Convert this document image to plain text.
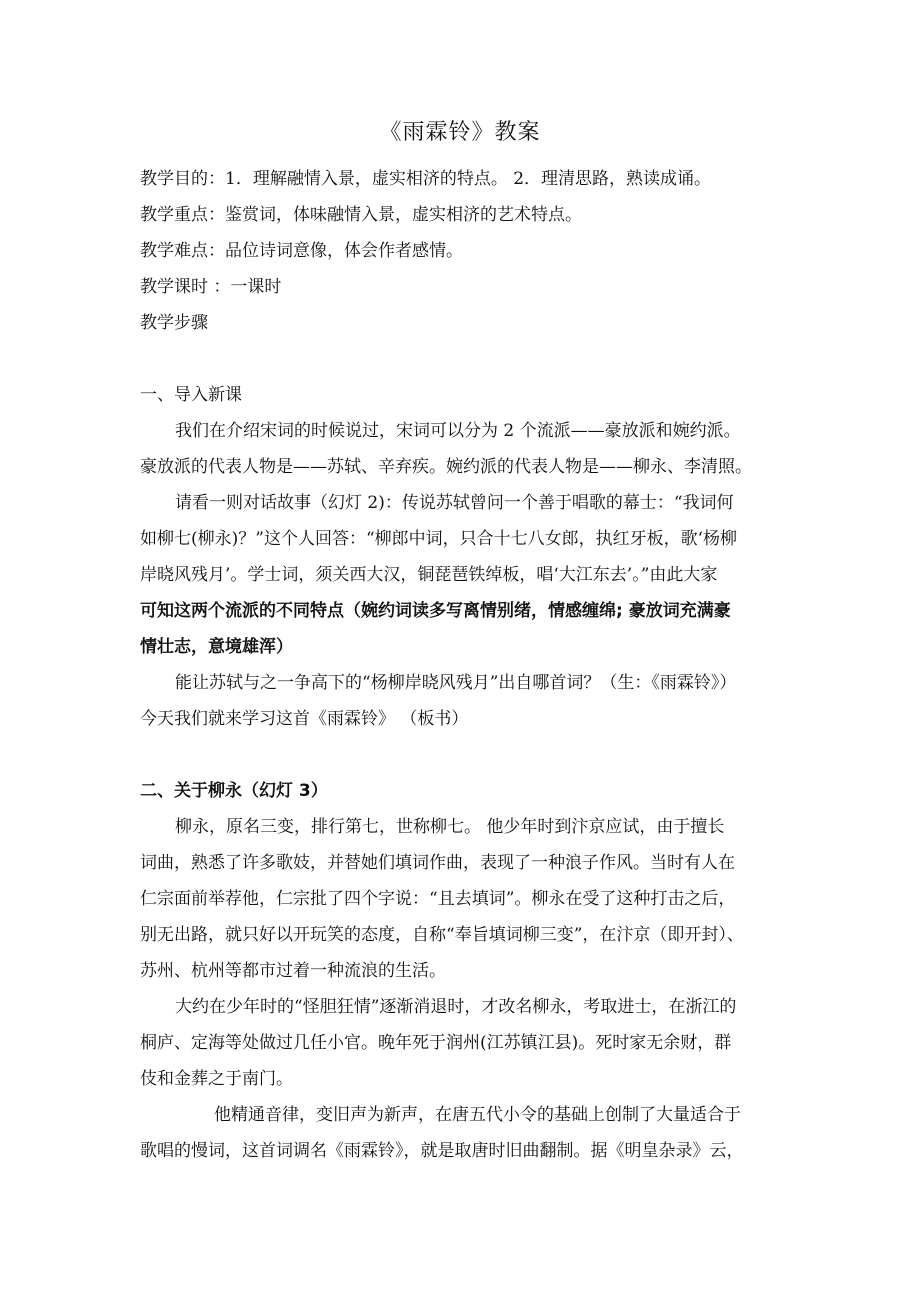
《雨霖铃》教案
教学目的：1．理解融情入景，虚实相济的特点。 2．理清思路，熟读成诵。
教学重点：鉴赏词，体味融情入景，虚实相济的艺术特点。
教学难点：品位诗词意像，体会作者感情。
教学课时 ：一课时
教学步骤
一、导入新课
我们在介绍宋词的时候说过，宋词可以分为 2 个流派——豪放派和婉约派。
豪放派的代表人物是——苏轼、辛弃疾。婉约派的代表人物是——柳永、李清照。
请看一则对话故事（幻灯 2)：传说苏轼曾问一个善于唱歌的幕士：“我词何
如柳七(柳永)？”这个人回答：“柳郎中词，只合十七八女郎，执红牙板，歌‘杨柳
岸晓风残月’。学士词，须关西大汉，铜琵琶铁绰板，唱‘大江东去’。”由此大家
可知这两个流派的不同特点（婉约词读多写离情别绪，情感缠绵; 豪放词充满豪
情壮志，意境雄浑）
能让苏轼与之一争高下的“杨柳岸晓风残月”出自哪首词？（生：《雨霖铃》）
今天我们就来学习这首《雨霖铃》 （板书）
二、关于柳永（幻灯 3）
柳永，原名三变，排行第七，世称柳七。 他少年时到汴京应试，由于擅长
词曲，熟悉了许多歌妓，并替她们填词作曲，表现了一种浪子作风。当时有人在
仁宗面前举荐他，仁宗批了四个字说：“且去填词”。柳永在受了这种打击之后，
别无出路，就只好以开玩笑的态度，自称“奉旨填词柳三变”，在汴京（即开封）、
苏州、杭州等都市过着一种流浪的生活。
大约在少年时的“怪胆狂情”逐渐消退时，才改名柳永，考取进士，在浙江的
桐庐、定海等处做过几任小官。晚年死于润州(江苏镇江县)。死时家无余财，群
伎和金葬之于南门。
他精通音律，变旧声为新声，在唐五代小令的基础上创制了大量适合于
歌唱的慢词，这首词调名《雨霖铃》，就是取唐时旧曲翻制。据《明皇杂录》云，
